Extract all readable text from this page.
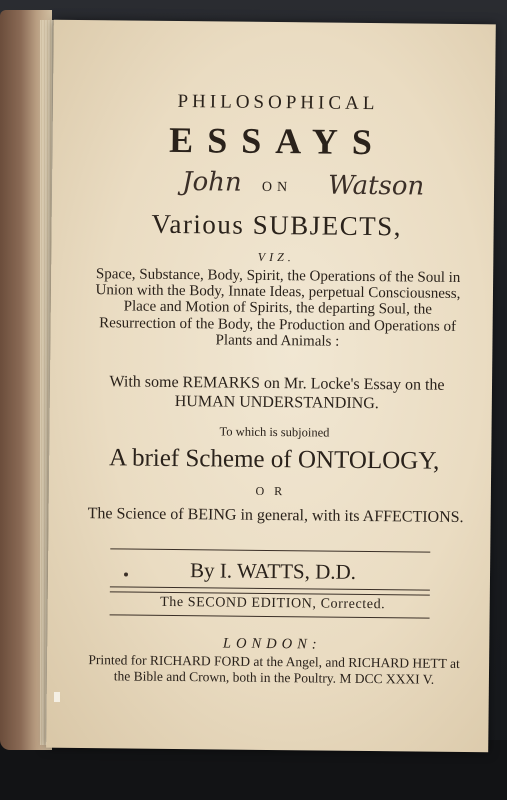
PHILOSOPHICAL
ESSAYS
John	ON	Watson
Various SUBJECTS,
VIZ.
Space, Substance, Body, Spirit, the Operations of the Soul in Union with the Body, Innate Ideas, perpetual Consciousness, Place and Motion of Spirits, the departing Soul, the Resurrection of the Body, the Production and Operations of Plants and Animals :
With some REMARKS on Mr. Locke's Essay on the HUMAN UNDERSTANDING.
To which is subjoined
A brief Scheme of ONTOLOGY,
OR
The Science of BEING in general, with its AFFECTIONS.
By I. WATTS, D.D.
The SECOND EDITION, Corrected.
LONDON:
Printed for RICHARD FORD at the Angel, and RICHARD HETT at the Bible and Crown, both in the Poultry. M DCC XXXI V.
